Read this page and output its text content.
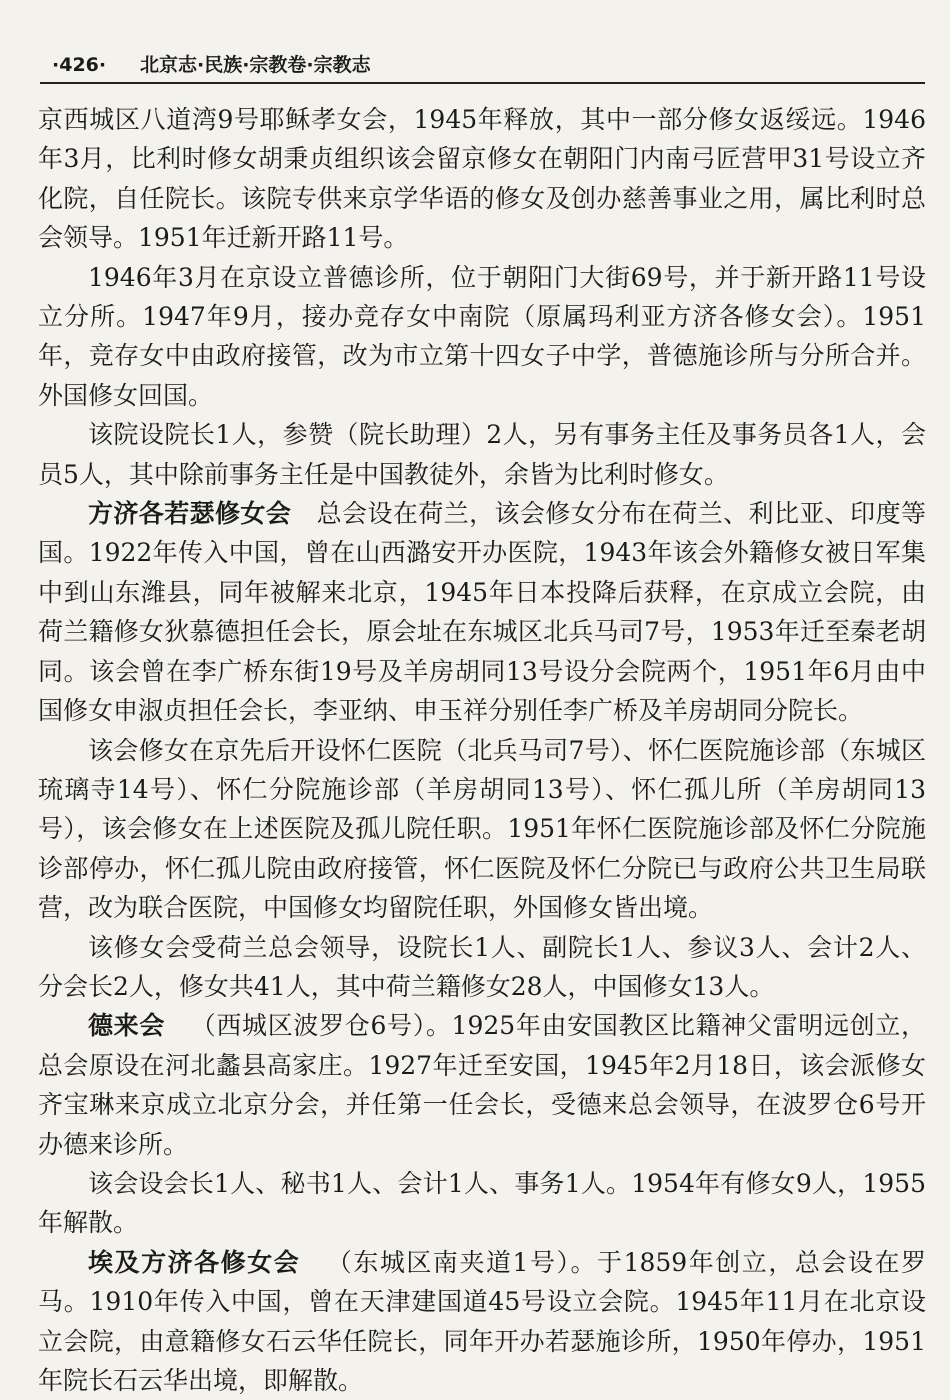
·426· 北京志·民族·宗教卷·宗教志

京西城区八道湾9号耶稣孝女会，1945年释放，其中一部分修女返绥远。1946年3月，比利时修女胡秉贞组织该会留京修女在朝阳门内南弓匠营甲31号设立齐化院，自任院长。该院专供来京学华语的修女及创办慈善事业之用，属比利时总会领导。1951年迁新开路11号。

1946年3月在京设立普德诊所，位于朝阳门大街69号，并于新开路11号设立分所。1947年9月，接办竞存女中南院（原属玛利亚方济各修女会）。1951年，竞存女中由政府接管，改为市立第十四女子中学，普德施诊所与分所合并。外国修女回国。

该院设院长1人，参赞（院长助理）2人，另有事务主任及事务员各1人，会员5人，其中除前事务主任是中国教徒外，余皆为比利时修女。

方济各若瑟修女会 总会设在荷兰，该会修女分布在荷兰、利比亚、印度等国。1922年传入中国，曾在山西潞安开办医院，1943年该会外籍修女被日军集中到山东潍县，同年被解来北京，1945年日本投降后获释，在京成立会院，由荷兰籍修女狄慕德担任会长，原会址在东城区北兵马司7号，1953年迁至秦老胡同。该会曾在李广桥东街19号及羊房胡同13号设分会院两个，1951年6月由中国修女申淑贞担任会长，李亚纳、申玉祥分别任李广桥及羊房胡同分院长。

该会修女在京先后开设怀仁医院（北兵马司7号）、怀仁医院施诊部（东城区琉璃寺14号）、怀仁分院施诊部（羊房胡同13号）、怀仁孤儿所（羊房胡同13号），该会修女在上述医院及孤儿院任职。1951年怀仁医院施诊部及怀仁分院施诊部停办，怀仁孤儿院由政府接管，怀仁医院及怀仁分院已与政府公共卫生局联营，改为联合医院，中国修女均留院任职，外国修女皆出境。

该修女会受荷兰总会领导，设院长1人、副院长1人、参议3人、会计2人、分会长2人，修女共41人，其中荷兰籍修女28人，中国修女13人。

德来会 （西城区波罗仓6号）。1925年由安国教区比籍神父雷明远创立，总会原设在河北蠡县高家庄。1927年迁至安国，1945年2月18日，该会派修女齐宝琳来京成立北京分会，并任第一任会长，受德来总会领导，在波罗仓6号开办德来诊所。

该会设会长1人、秘书1人、会计1人、事务1人。1954年有修女9人，1955年解散。

埃及方济各修女会 （东城区南夹道1号）。于1859年创立，总会设在罗马。1910年传入中国，曾在天津建国道45号设立会院。1945年11月在北京设立会院，由意籍修女石云华任院长，同年开办若瑟施诊所，1950年停办，1951年院长石云华出境，即解散。
